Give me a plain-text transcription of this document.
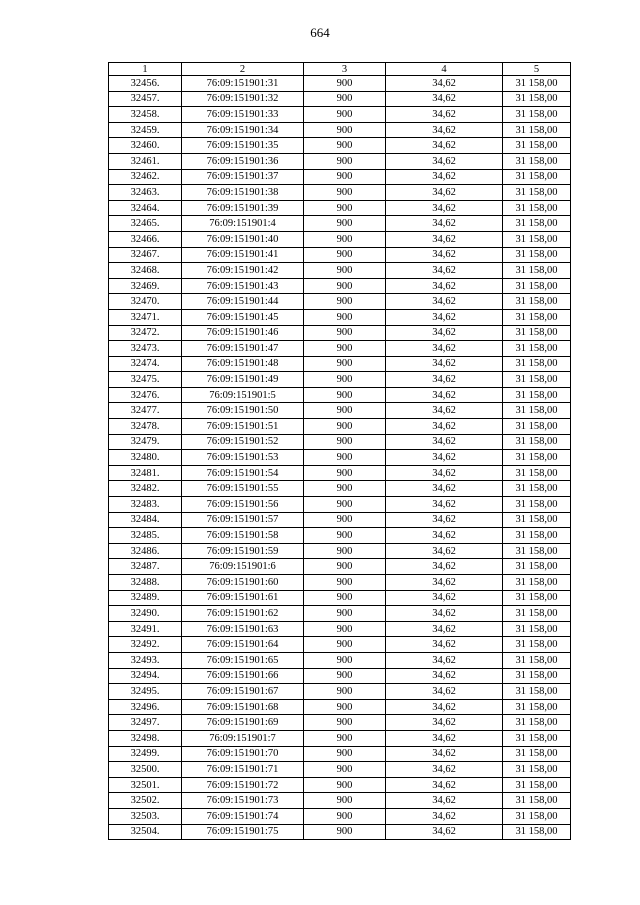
664
1	2	3	4	5
32456.	76:09:151901:31	900	34,62	31 158,00
32457.	76:09:151901:32	900	34,62	31 158,00
32458.	76:09:151901:33	900	34,62	31 158,00
32459.	76:09:151901:34	900	34,62	31 158,00
32460.	76:09:151901:35	900	34,62	31 158,00
32461.	76:09:151901:36	900	34,62	31 158,00
32462.	76:09:151901:37	900	34,62	31 158,00
32463.	76:09:151901:38	900	34,62	31 158,00
32464.	76:09:151901:39	900	34,62	31 158,00
32465.	76:09:151901:4	900	34,62	31 158,00
32466.	76:09:151901:40	900	34,62	31 158,00
32467.	76:09:151901:41	900	34,62	31 158,00
32468.	76:09:151901:42	900	34,62	31 158,00
32469.	76:09:151901:43	900	34,62	31 158,00
32470.	76:09:151901:44	900	34,62	31 158,00
32471.	76:09:151901:45	900	34,62	31 158,00
32472.	76:09:151901:46	900	34,62	31 158,00
32473.	76:09:151901:47	900	34,62	31 158,00
32474.	76:09:151901:48	900	34,62	31 158,00
32475.	76:09:151901:49	900	34,62	31 158,00
32476.	76:09:151901:5	900	34,62	31 158,00
32477.	76:09:151901:50	900	34,62	31 158,00
32478.	76:09:151901:51	900	34,62	31 158,00
32479.	76:09:151901:52	900	34,62	31 158,00
32480.	76:09:151901:53	900	34,62	31 158,00
32481.	76:09:151901:54	900	34,62	31 158,00
32482.	76:09:151901:55	900	34,62	31 158,00
32483.	76:09:151901:56	900	34,62	31 158,00
32484.	76:09:151901:57	900	34,62	31 158,00
32485.	76:09:151901:58	900	34,62	31 158,00
32486.	76:09:151901:59	900	34,62	31 158,00
32487.	76:09:151901:6	900	34,62	31 158,00
32488.	76:09:151901:60	900	34,62	31 158,00
32489.	76:09:151901:61	900	34,62	31 158,00
32490.	76:09:151901:62	900	34,62	31 158,00
32491.	76:09:151901:63	900	34,62	31 158,00
32492.	76:09:151901:64	900	34,62	31 158,00
32493.	76:09:151901:65	900	34,62	31 158,00
32494.	76:09:151901:66	900	34,62	31 158,00
32495.	76:09:151901:67	900	34,62	31 158,00
32496.	76:09:151901:68	900	34,62	31 158,00
32497.	76:09:151901:69	900	34,62	31 158,00
32498.	76:09:151901:7	900	34,62	31 158,00
32499.	76:09:151901:70	900	34,62	31 158,00
32500.	76:09:151901:71	900	34,62	31 158,00
32501.	76:09:151901:72	900	34,62	31 158,00
32502.	76:09:151901:73	900	34,62	31 158,00
32503.	76:09:151901:74	900	34,62	31 158,00
32504.	76:09:151901:75	900	34,62	31 158,00
